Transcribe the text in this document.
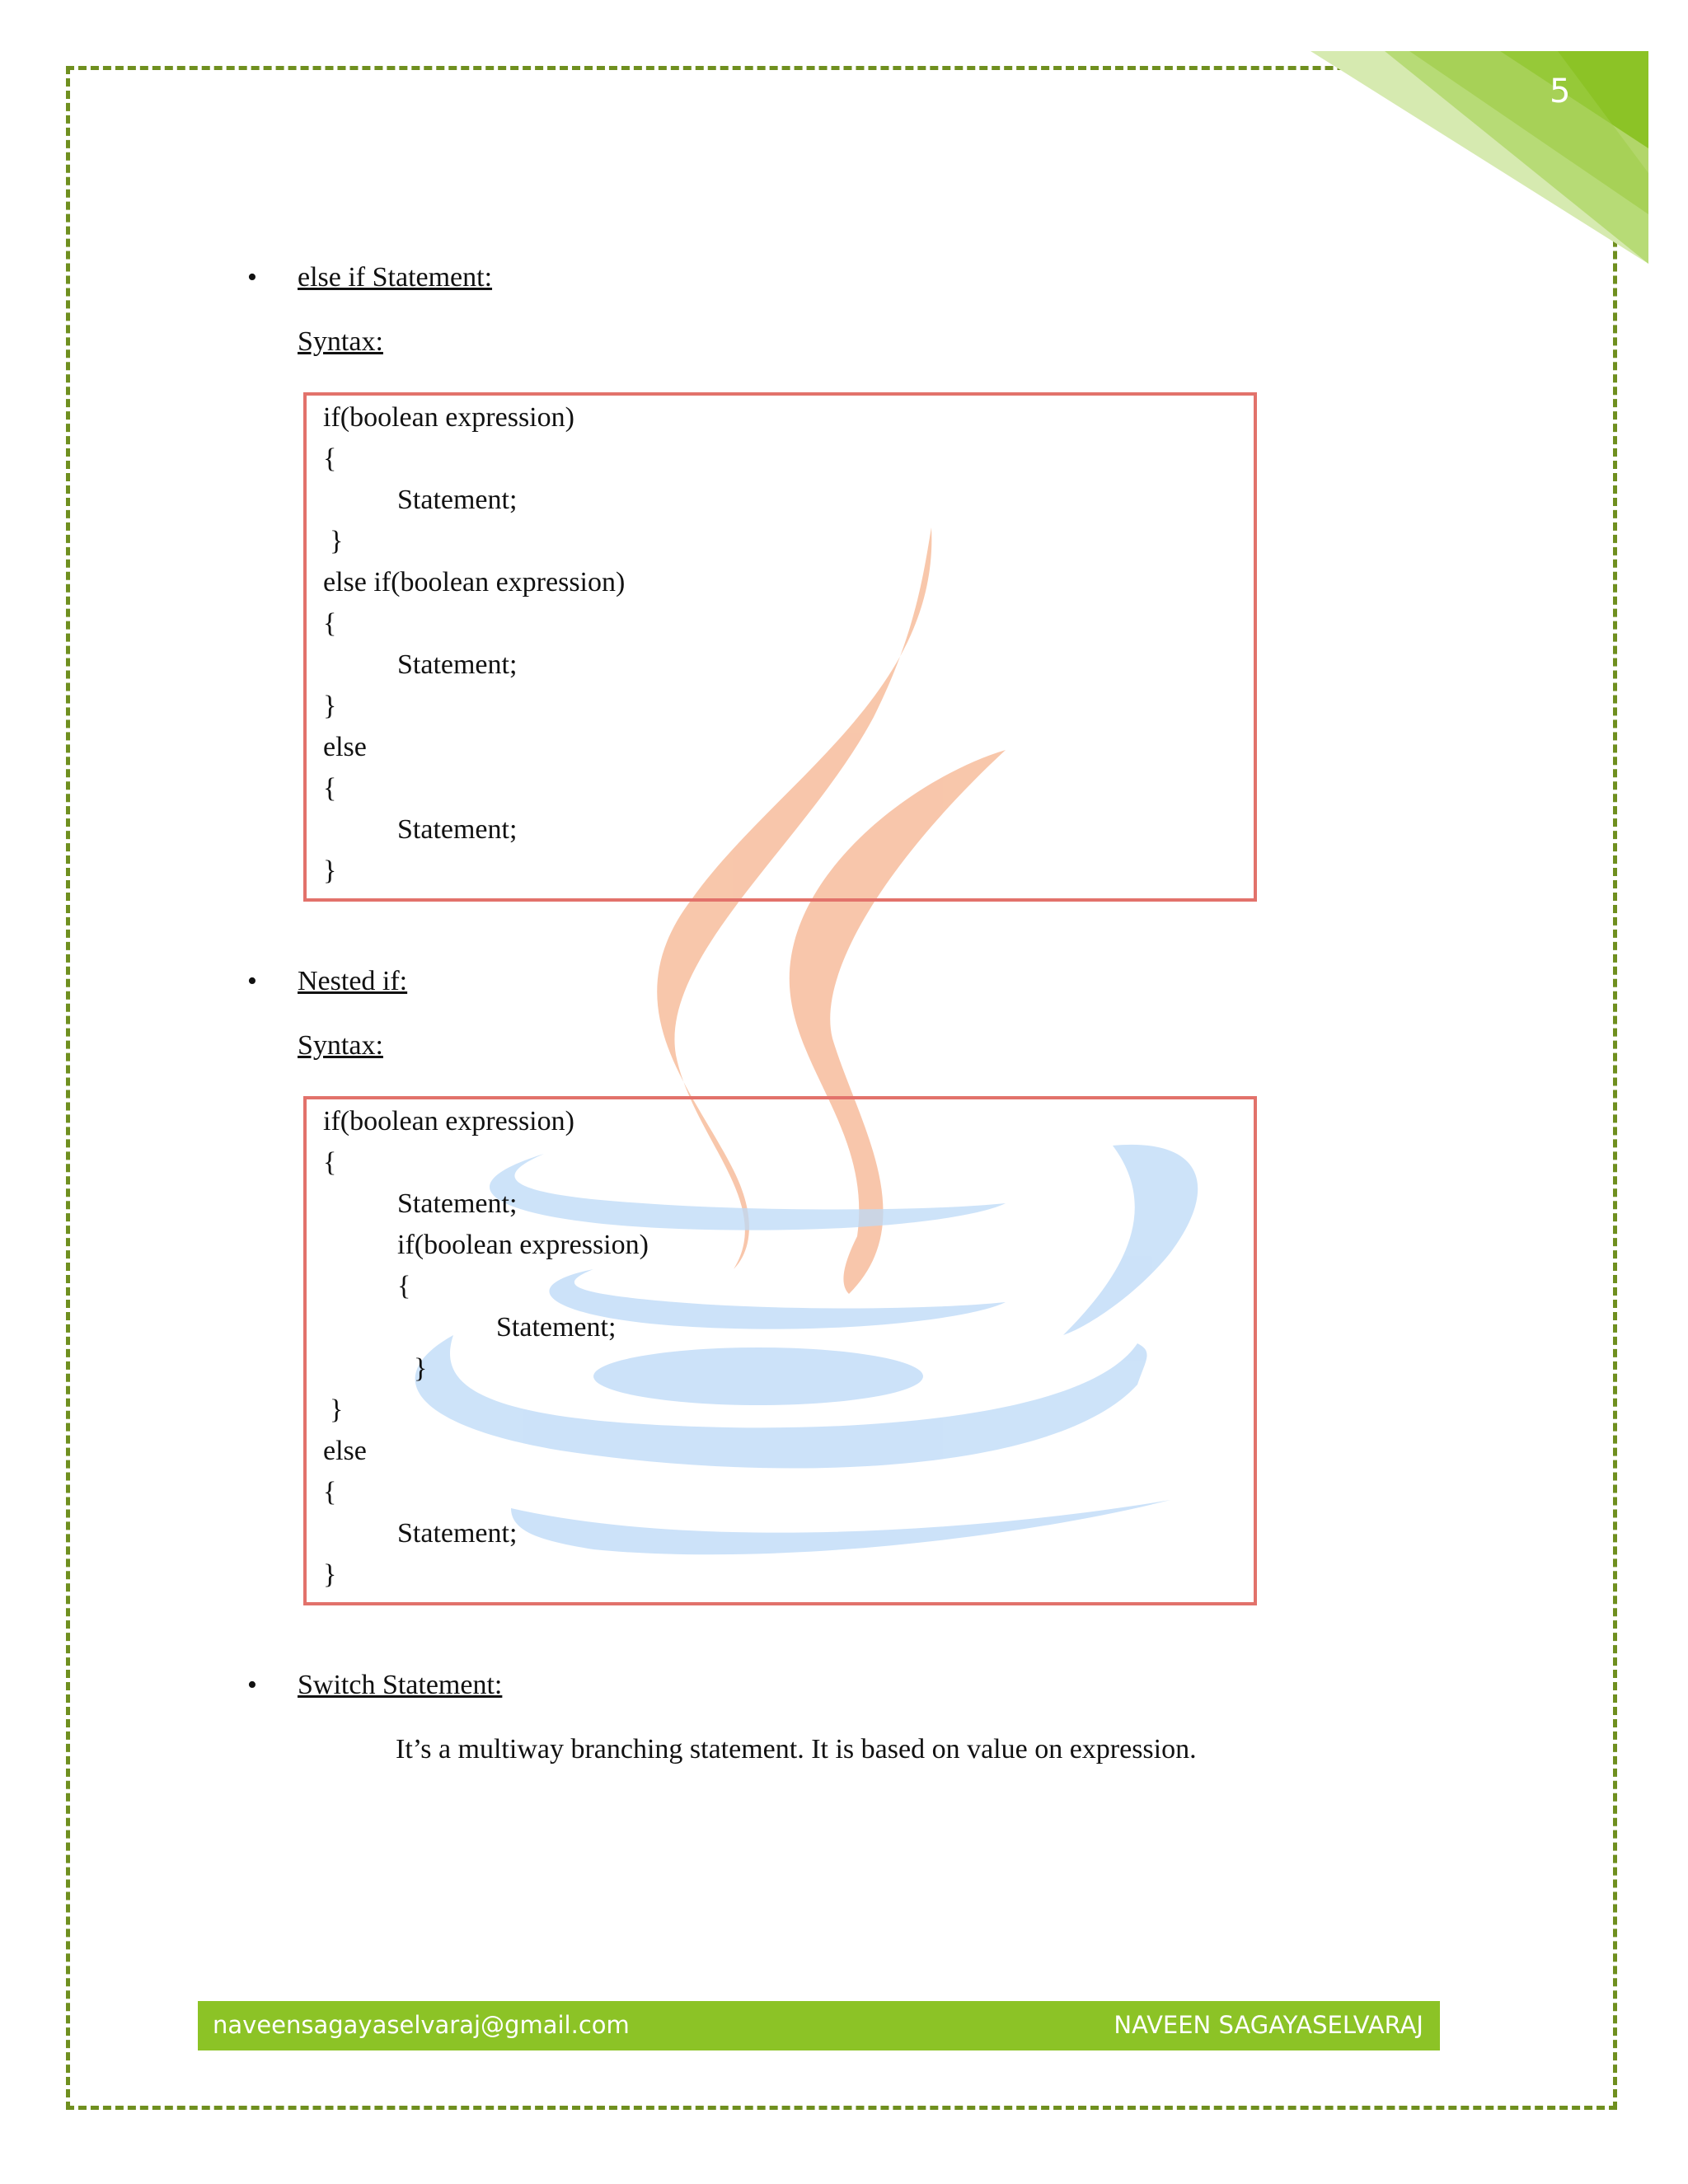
5
• else if Statement:
Syntax:
if(boolean expression)
{
Statement;
}
else if(boolean expression)
{
Statement;
}
else
{
Statement;
}
• Nested if:
Syntax:
if(boolean expression)
{
Statement;
if(boolean expression)
{
Statement;
}
}
else
{
Statement;
}
• Switch Statement:
It’s a multiway branching statement. It is based on value on expression.
naveensagayaselvaraj@gmail.com	NAVEEN SAGAYASELVARAJ
